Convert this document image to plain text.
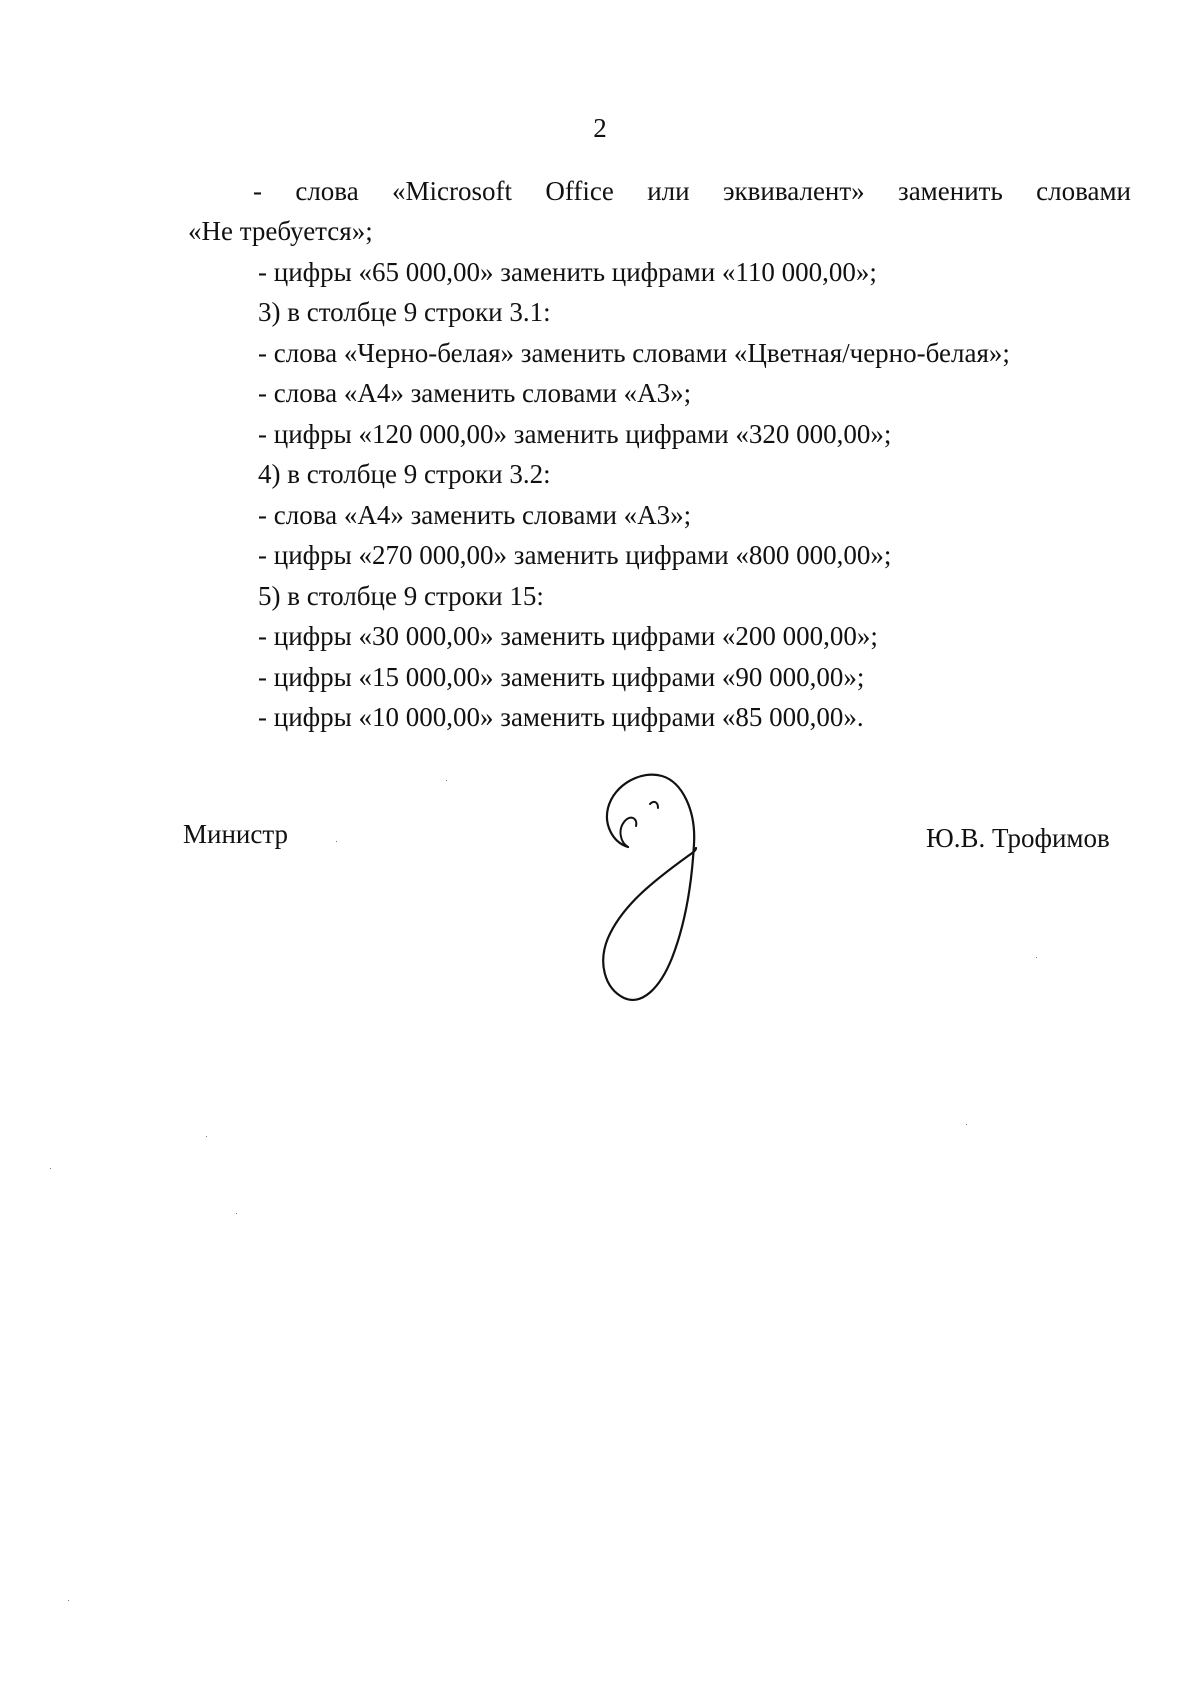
2
- слова «Microsoft Office или эквивалент» заменить словами
«Не требуется»;
- цифры «65 000,00» заменить цифрами «110 000,00»;
3) в столбце 9 строки 3.1:
- слова «Черно-белая» заменить словами «Цветная/черно-белая»;
- слова «А4» заменить словами «А3»;
- цифры «120 000,00» заменить цифрами «320 000,00»;
4) в столбце 9 строки 3.2:
- слова «А4» заменить словами «А3»;
- цифры «270 000,00» заменить цифрами «800 000,00»;
5) в столбце 9 строки 15:
- цифры «30 000,00» заменить цифрами «200 000,00»;
- цифры «15 000,00» заменить цифрами «90 000,00»;
- цифры «10 000,00» заменить цифрами «85 000,00».
Министр	Ю.В. Трофимов
